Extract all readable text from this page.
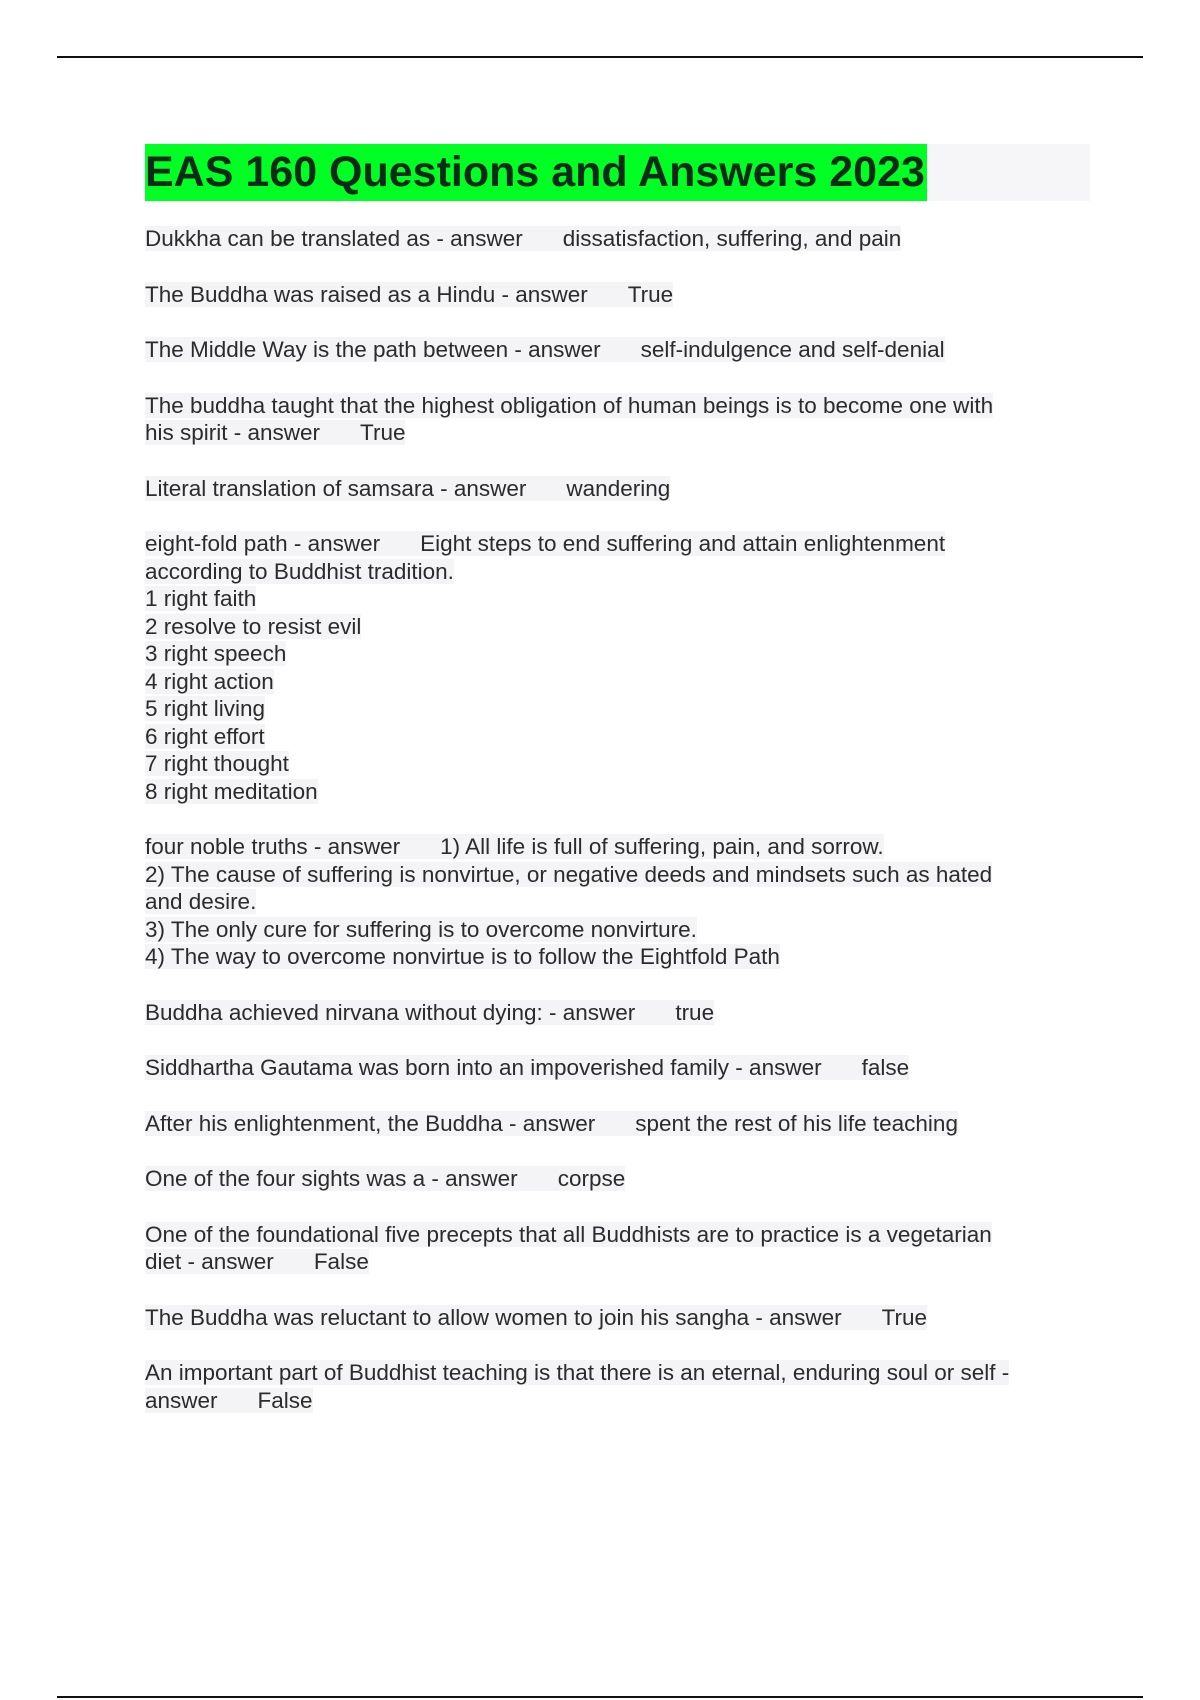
EAS 160 Questions and Answers 2023
Dukkha can be translated as - answer dissatisfaction, suffering, and pain
The Buddha was raised as a Hindu - answer True
The Middle Way is the path between - answer self-indulgence and self-denial
The buddha taught that the highest obligation of human beings is to become one with
his spirit - answer True
Literal translation of samsara - answer wandering
eight-fold path - answer Eight steps to end suffering and attain enlightenment
according to Buddhist tradition.
1 right faith
2 resolve to resist evil
3 right speech
4 right action
5 right living
6 right effort
7 right thought
8 right meditation
four noble truths - answer 1) All life is full of suffering, pain, and sorrow.
2) The cause of suffering is nonvirtue, or negative deeds and mindsets such as hated
and desire.
3) The only cure for suffering is to overcome nonvirture.
4) The way to overcome nonvirtue is to follow the Eightfold Path
Buddha achieved nirvana without dying: - answer true
Siddhartha Gautama was born into an impoverished family - answer false
After his enlightenment, the Buddha - answer spent the rest of his life teaching
One of the four sights was a - answer corpse
One of the foundational five precepts that all Buddhists are to practice is a vegetarian
diet - answer False
The Buddha was reluctant to allow women to join his sangha - answer True
An important part of Buddhist teaching is that there is an eternal, enduring soul or self -
answer False
